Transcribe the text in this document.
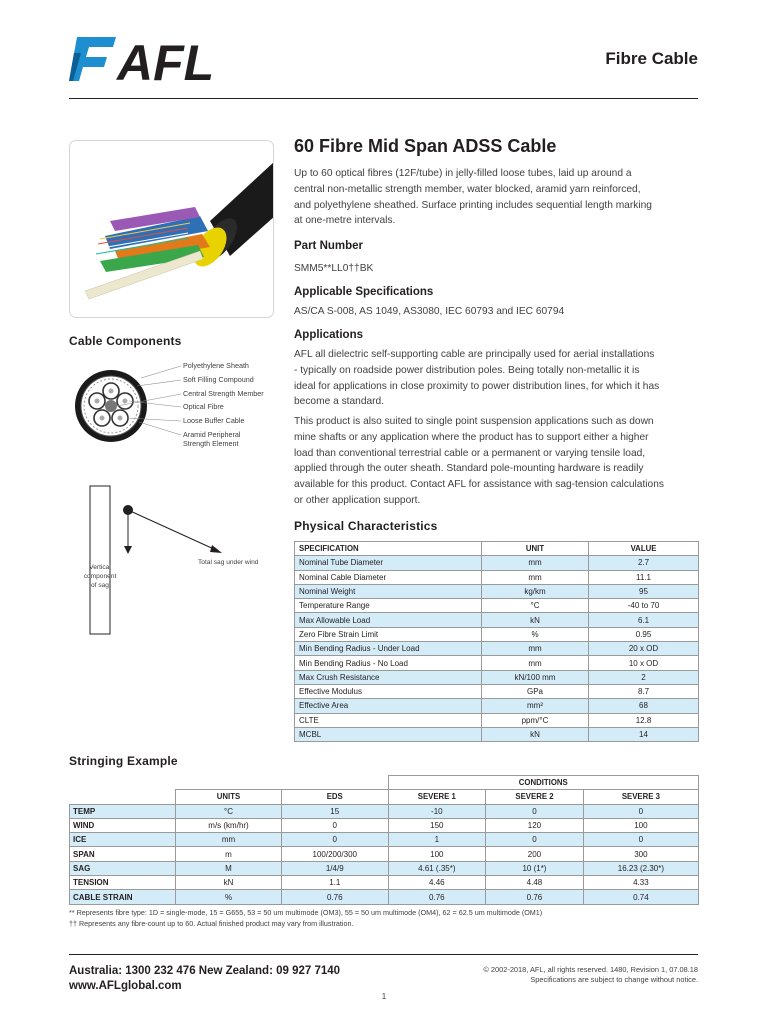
AFL	Fibre Cable
60 Fibre Mid Span ADSS Cable
Up to 60 optical fibres (12F/tube) in jelly-filled loose tubes, laid up around a
central non-metallic strength member, water blocked, aramid yarn reinforced,
and polyethylene sheathed. Surface printing includes sequential length marking
at one-metre intervals.
Part Number
SMM5**LL0††BK
Applicable Specifications
AS/CA S-008, AS 1049, AS3080, IEC 60793 and IEC 60794
Applications
AFL all dielectric self-supporting cable are principally used for aerial installations
- typically on roadside power distribution poles. Being totally non-metallic it is
ideal for applications in close proximity to power distribution lines, for which it has
become a standard.
This product is also suited to single point suspension applications such as down
mine shafts or any application where the product has to support either a higher
load than conventional terrestrial cable or a permanent or varying tensile load,
applied through the outer sheath. Standard pole-mounting hardware is readily
available for this product. Contact AFL for assistance with sag-tension calculations
or other application support.
Cable Components
Polyethylene Sheath
Soft Filling Compound
Central Strength Member
Optical Fibre
Loose Buffer Cable
Aramid Peripheral
Strength Element
Vertical
component
of sag
Total sag under wind
Physical Characteristics
SPECIFICATION	UNIT	VALUE
Nominal Tube Diameter	mm	2.7
Nominal Cable Diameter	mm	11.1
Nominal Weight	kg/km	95
Temperature Range	°C	-40 to 70
Max Allowable Load	kN	6.1
Zero Fibre Strain Limit	%	0.95
Min Bending Radius - Under Load	mm	20 x OD
Min Bending Radius - No Load	mm	10 x OD
Max Crush Resistance	kN/100 mm	2
Effective Modulus	GPa	8.7
Effective Area	mm²	68
CLTE	ppm/°C	12.8
MCBL	kN	14
Stringing Example
			CONDITIONS		
	UNITS	EDS	SEVERE 1	SEVERE 2	SEVERE 3
TEMP	°C	15	-10	0	0
WIND	m/s (km/hr)	0	150	120	100
ICE	mm	0	1	0	0
SPAN	m	100/200/300	100	200	300
SAG	M	1/4/9	4.61 (.35*)	10 (1*)	16.23 (2.30*)
TENSION	kN	1.1	4.46	4.48	4.33
CABLE STRAIN	%	0.76	0.76	0.76	0.74
** Represents fibre type: 1D = single-mode, 15 = G655, 53 = 50 um multimode (OM3), 55 = 50 um multimode (OM4), 62 = 62.5 um multimode (OM1)
†† Represents any fibre-count up to 60. Actual finished product may vary from illustration.
Australia: 1300 232 476 New Zealand: 09 927 7140
www.AFLglobal.com
© 2002-2018, AFL, all rights reserved. 1480, Revision 1, 07.08.18
Specifications are subject to change without notice.
1
